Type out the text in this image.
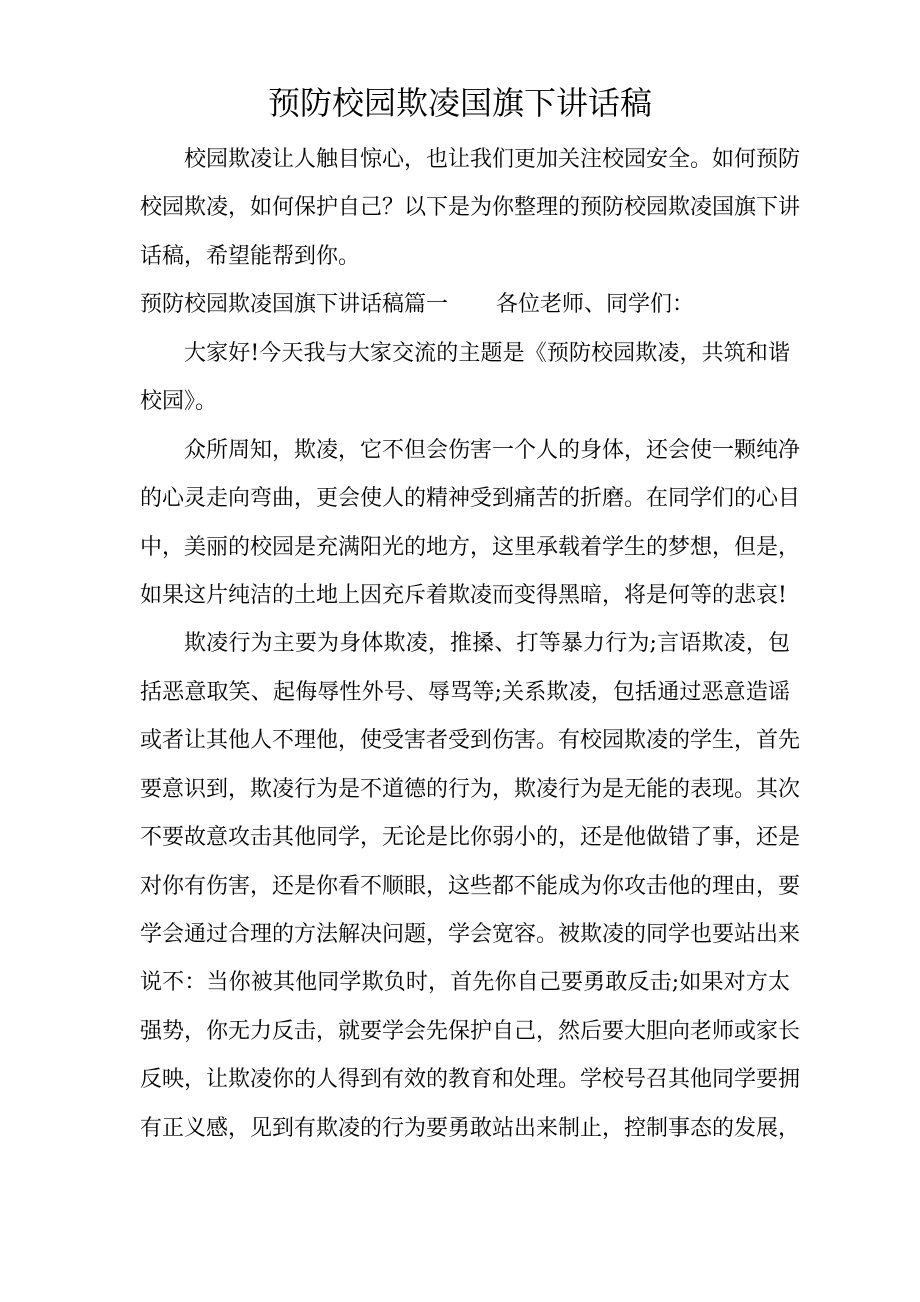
预防校园欺凌国旗下讲话稿
校园欺凌让人触目惊心，也让我们更加关注校园安全。如何预防
校园欺凌，如何保护自己？以下是为你整理的预防校园欺凌国旗下讲
话稿，希望能帮到你。
预防校园欺凌国旗下讲话稿篇一 各位老师、同学们：
大家好!今天我与大家交流的主题是《预防校园欺凌，共筑和谐
校园》。
众所周知，欺凌，它不但会伤害一个人的身体，还会使一颗纯净
的心灵走向弯曲，更会使人的精神受到痛苦的折磨。在同学们的心目
中，美丽的校园是充满阳光的地方，这里承载着学生的梦想，但是，
如果这片纯洁的土地上因充斥着欺凌而变得黑暗，将是何等的悲哀!
欺凌行为主要为身体欺凌，推搡、打等暴力行为;言语欺凌，包
括恶意取笑、起侮辱性外号、辱骂等;关系欺凌，包括通过恶意造谣
或者让其他人不理他，使受害者受到伤害。有校园欺凌的学生，首先
要意识到，欺凌行为是不道德的行为，欺凌行为是无能的表现。其次
不要故意攻击其他同学，无论是比你弱小的，还是他做错了事，还是
对你有伤害，还是你看不顺眼，这些都不能成为你攻击他的理由，要
学会通过合理的方法解决问题，学会宽容。被欺凌的同学也要站出来
说不：当你被其他同学欺负时，首先你自己要勇敢反击;如果对方太
强势，你无力反击，就要学会先保护自己，然后要大胆向老师或家长
反映，让欺凌你的人得到有效的教育和处理。学校号召其他同学要拥
有正义感，见到有欺凌的行为要勇敢站出来制止，控制事态的发展，
